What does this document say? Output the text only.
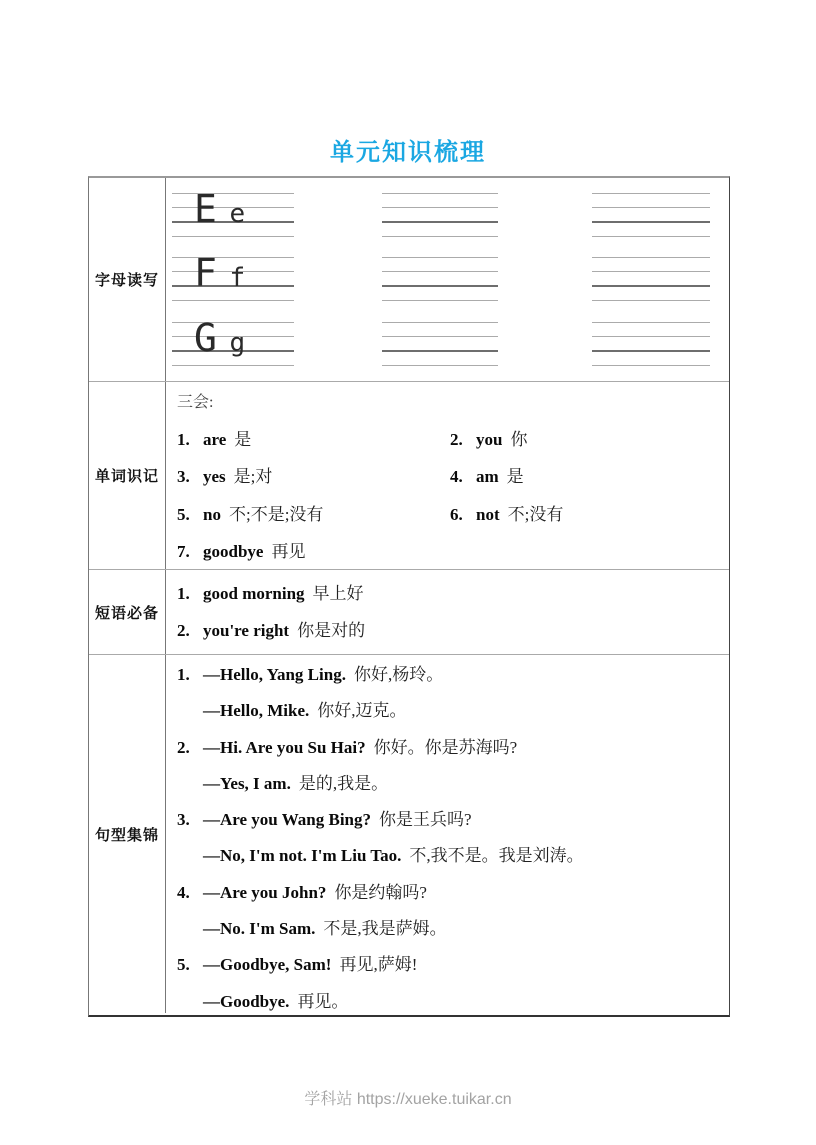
单元知识梳理
字母读写
E e
F f
G g
单词识记
三会:
1. are 是	2. you 你
3. yes 是;对	4. am 是
5. no 不;不是;没有	6. not 不;没有
7. goodbye 再见
短语必备
1. good morning 早上好
2. you're right 你是对的
句型集锦
1. —Hello, Yang Ling. 你好,杨玲。
—Hello, Mike. 你好,迈克。
2. —Hi. Are you Su Hai? 你好。你是苏海吗?
—Yes, I am. 是的,我是。
3. —Are you Wang Bing? 你是王兵吗?
—No, I'm not. I'm Liu Tao. 不,我不是。我是刘涛。
4. —Are you John? 你是约翰吗?
—No. I'm Sam. 不是,我是萨姆。
5. —Goodbye, Sam! 再见,萨姆!
—Goodbye. 再见。
学科站 https://xueke.tuikar.cn
